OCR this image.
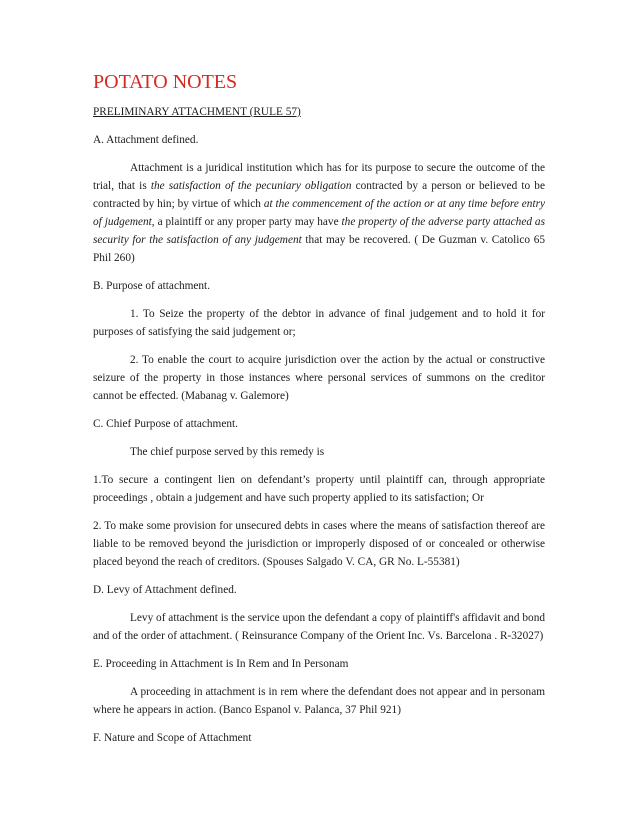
POTATO NOTES

PRELIMINARY ATTACHMENT (RULE 57)

A. Attachment defined.

Attachment is a juridical institution which has for its purpose to secure the outcome of the trial, that is the satisfaction of the pecuniary obligation contracted by a person or believed to be contracted by hin; by virtue of which at the commencement of the action or at any time before entry of judgement, a plaintiff or any proper party may have the property of the adverse party attached as security for the satisfaction of any judgement that may be recovered. ( De Guzman v. Catolico 65 Phil 260)

B. Purpose of attachment.

1. To Seize the property of the debtor in advance of final judgement and to hold it for purposes of satisfying the said judgement or;

2. To enable the court to acquire jurisdiction over the action by the actual or constructive seizure of the property in those instances where personal services of summons on the creditor cannot be effected. (Mabanag v. Galemore)

C. Chief Purpose of attachment.

The chief purpose served by this remedy is

1.To secure a contingent lien on defendant’s property until plaintiff can, through appropriate proceedings , obtain a judgement and have such property applied to its satisfaction; Or

2. To make some provision for unsecured debts in cases where the means of satisfaction thereof are liable to be removed beyond the jurisdiction or improperly disposed of or concealed or otherwise placed beyond the reach of creditors. (Spouses Salgado V. CA, GR No. L-55381)

D. Levy of Attachment defined.

Levy of attachment is the service upon the defendant a copy of plaintiff's affidavit and bond and of the order of attachment. ( Reinsurance Company of the Orient Inc. Vs. Barcelona . R-32027)

E. Proceeding in Attachment is In Rem and In Personam

A proceeding in attachment is in rem where the defendant does not appear and in personam where he appears in action. (Banco Espanol v. Palanca, 37 Phil 921)

F. Nature and Scope of Attachment
